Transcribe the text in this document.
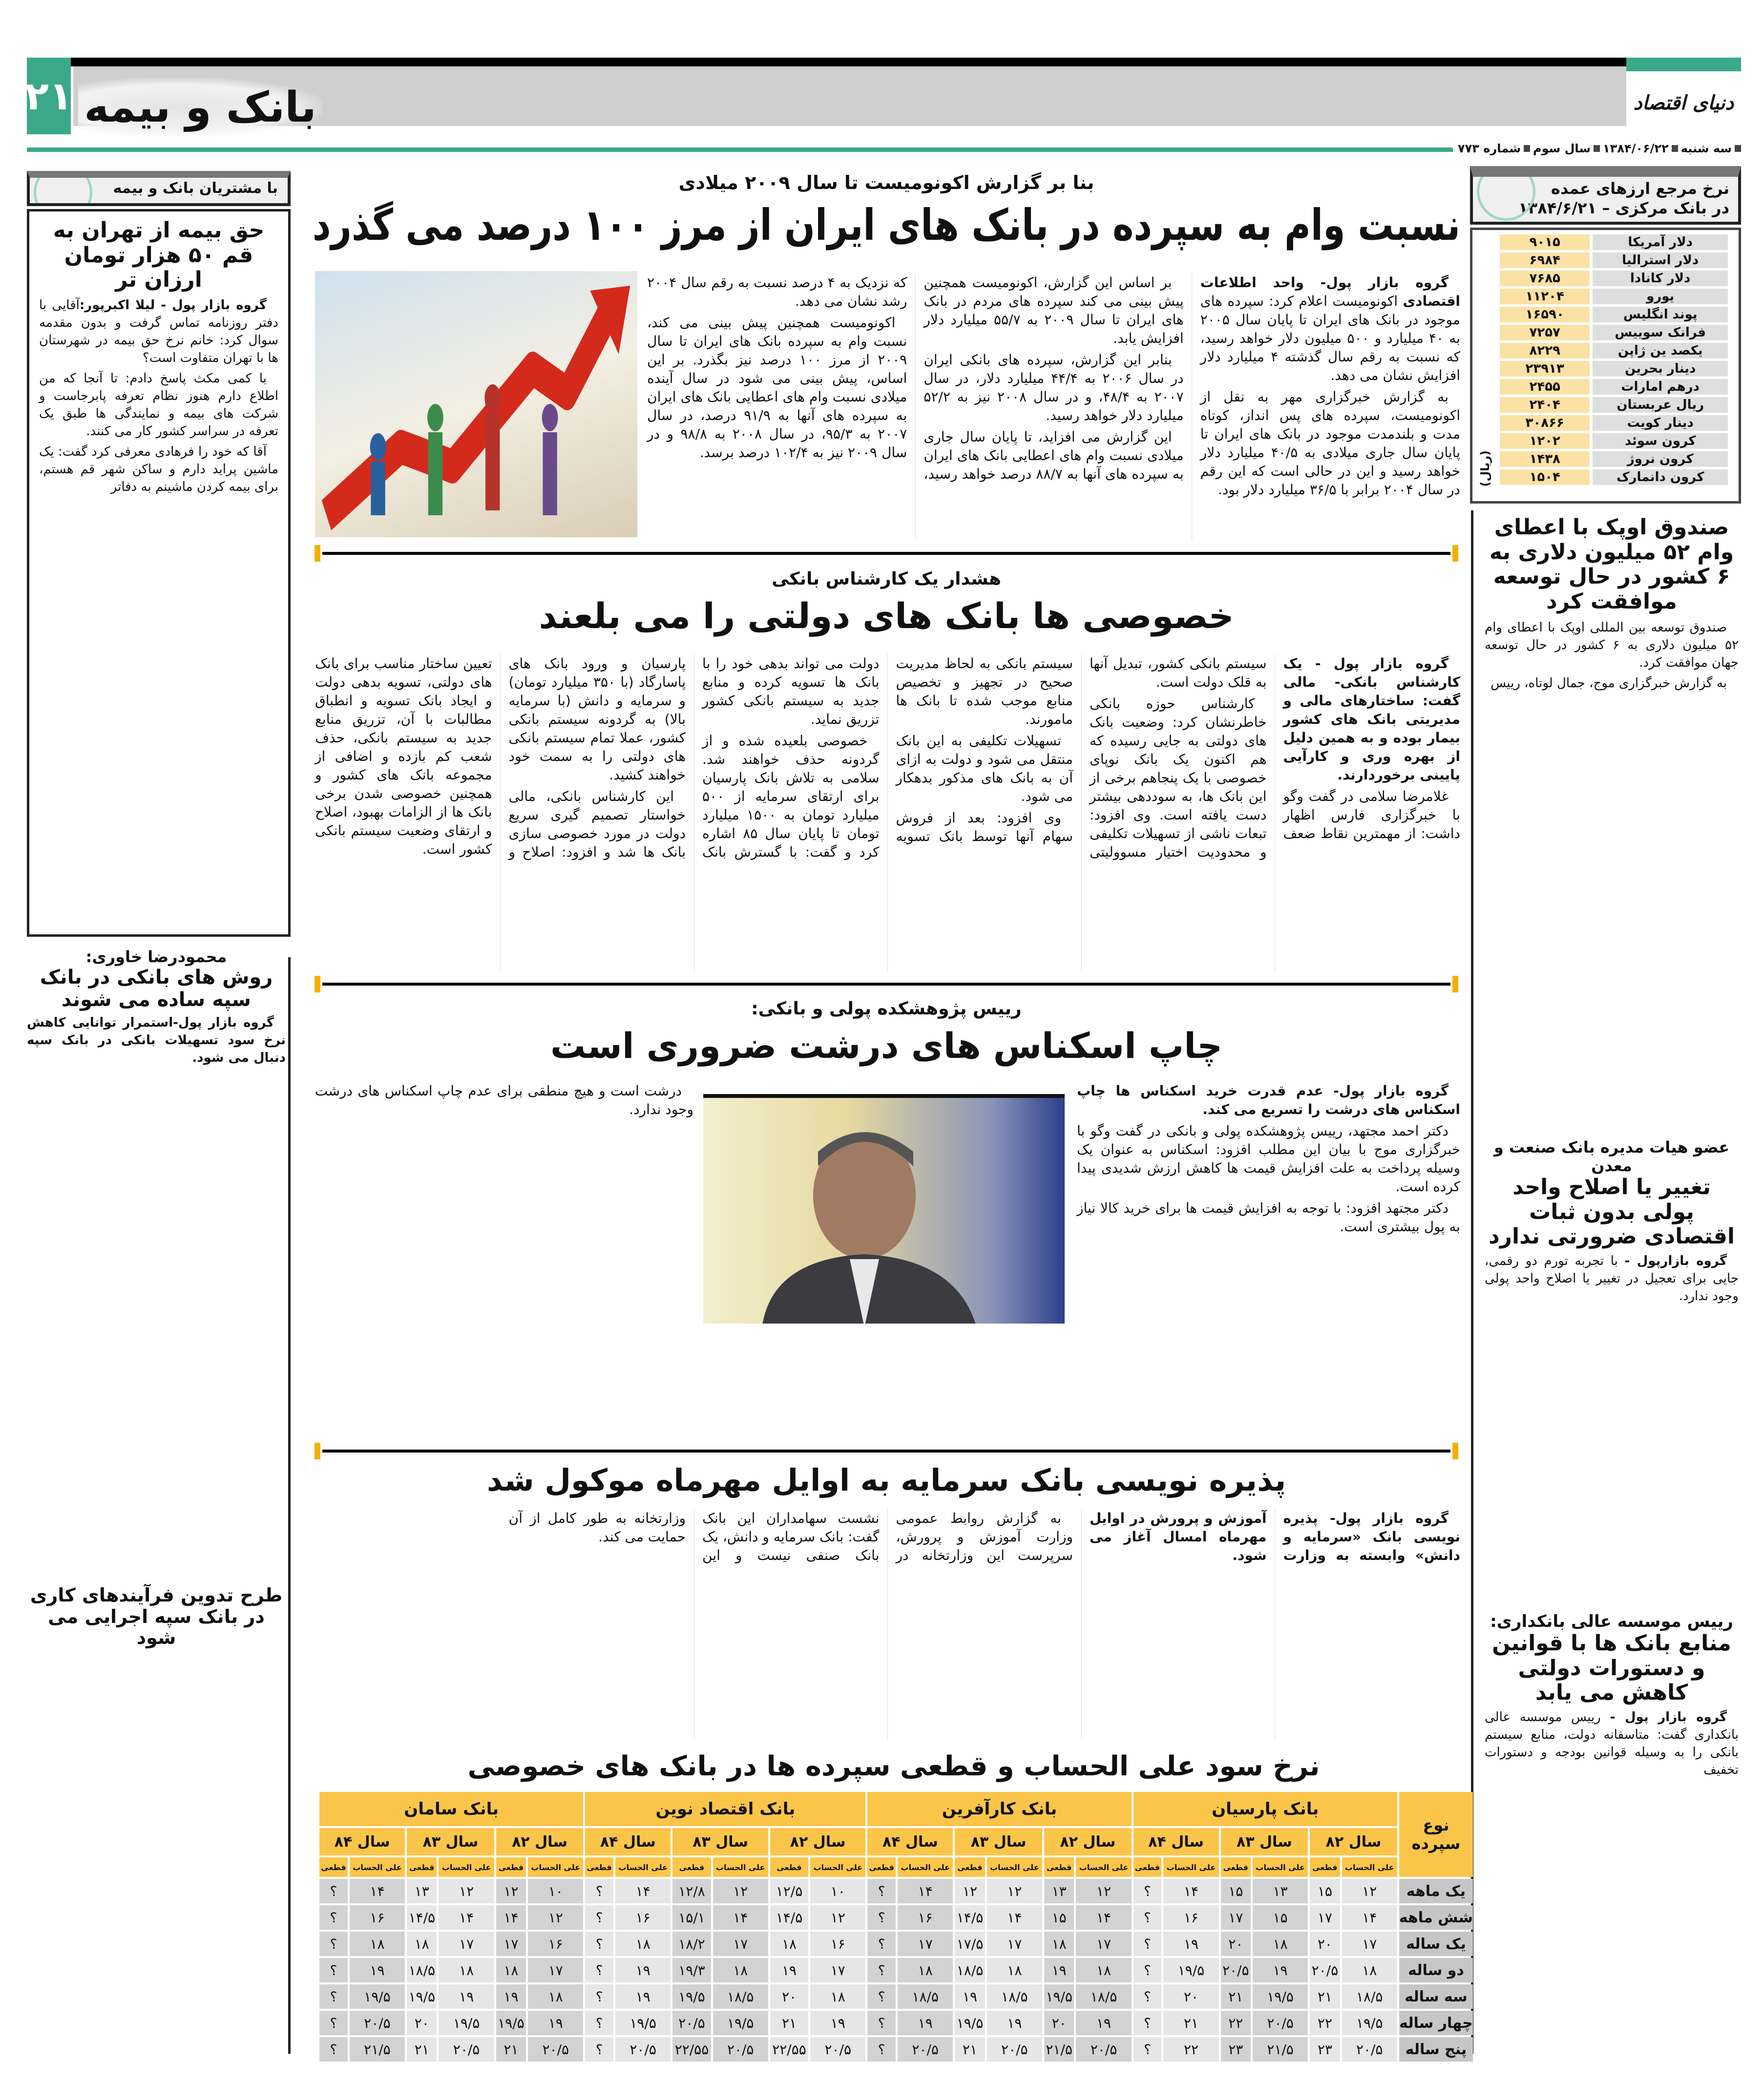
دنیای اقتصاد
بانک و بیمه
۲۱
سه شنبه
۱۳۸۴/۰۶/۲۲
سال سوم
شماره ۷۷۳
نرخ مرجع ارزهای عمده
در بانک مرکزی – ۱۳۸۴/۶/۲۱
دلار آمریکا	۹۰۱۵
دلار استرالیا	۶۹۸۴
دلار کانادا	۷۶۸۵
یورو	۱۱۲۰۴
پوند انگلیس	۱۶۵۹۰
فرانک سوییس	۷۲۵۷
یکصد ین ژاپن	۸۲۲۹
دینار بحرین	۲۳۹۱۳
درهم امارات	۲۴۵۵
ریال عربستان	۲۴۰۴
دینار کویت	۳۰۸۶۶
کرون سوئد	۱۲۰۲
کرون نروژ	۱۴۳۸
کرون دانمارک	۱۵۰۴
(ریال)
صندوق اوپک با اعطای وام ۵۲ میلیون دلاری به ۶ کشور در حال توسعه موافقت کرد

صندوق توسعه بین المللی اوپک با اعطای وام ۵۲ میلیون دلاری به ۶ کشور در حال توسعه جهان موافقت کرد.

به گزارش خبرگزاری موج، جمال لوتاه، رییس

عضو هیات مدیره بانک صنعت و معدن
تغییر یا اصلاح واحد پولی بدون ثبات اقتصادی ضرورتی ندارد

گروه بازارپول - با تجربه تورم دو رقمی، جایی برای تعجیل در تغییر یا اصلاح واحد پولی وجود ندارد.

رییس موسسه عالی بانکداری:
منابع بانک ها با قوانین و دستورات دولتی کاهش می یابد

گروه بازار پول - رییس موسسه عالی بانکداری گفت: متاسفانه دولت، منابع سیستم بانکی را به وسیله قوانین بودجه و دستورات تخفیف

با مشتریان بانک و بیمه
حق بیمه از تهران به قم ۵۰ هزار تومان ارزان تر

گروه بازار پول - لیلا اکبرپور:آقایی با دفتر روزنامه تماس گرفت و بدون مقدمه سوال کرد: خانم نرخ حق بیمه در شهرستان ها با تهران متفاوت است؟

با کمی مکث پاسخ دادم: تا آنجا که من اطلاع دارم هنوز نظام تعرفه پابرجاست و شرکت های بیمه و نمایندگی ها طبق یک تعرفه در سراسر کشور کار می کنند.

آقا که خود را فرهادی معرفی کرد گفت: یک ماشین پراید دارم و ساکن شهر قم هستم، برای بیمه کردن ماشینم به دفاتر

محمودرضا خاوری:
روش های بانکی در بانک سپه ساده می شوند

گروه بازار پول-استمرار توانایی کاهش نرخ سود تسهیلات بانکی در بانک سپه دنبال می شود.

طرح تدوین فرآیندهای کاری در بانک سپه اجرایی می شود
بنا بر گزارش اکونومیست تا سال ۲۰۰۹ میلادی
نسبت وام به سپرده در بانک های ایران از مرز ۱۰۰ درصد می گذرد

گروه بازار پول- واحد اطلاعات اقتصادی اکونومیست اعلام کرد: سپرده های موجود در بانک های ایران تا پایان سال ۲۰۰۵ به ۴۰ میلیارد و ۵۰۰ میلیون دلار خواهد رسید، که نسبت به رقم سال گذشته ۴ میلیارد دلار افزایش نشان می دهد.

به گزارش خبرگزاری مهر به نقل از اکونومیست، سپرده های پس انداز، کوتاه مدت و بلندمدت موجود در بانک های ایران تا پایان سال جاری میلادی به ۴۰/۵ میلیارد دلار خواهد رسید و این در حالی است که این رقم در سال ۲۰۰۴ برابر با ۳۶/۵ میلیارد دلار بود.

بر اساس این گزارش، اکونومیست همچنین پیش بینی می کند سپرده های مردم در بانک های ایران تا سال ۲۰۰۹ به ۵۵/۷ میلیارد دلار افزایش یابد.

بنابر این گزارش، سپرده های بانکی ایران در سال ۲۰۰۶ به ۴۴/۴ میلیارد دلار، در سال ۲۰۰۷ به ۴۸/۴، و در سال ۲۰۰۸ نیز به ۵۲/۲ میلیارد دلار خواهد رسید.

این گزارش می افزاید، تا پایان سال جاری میلادی نسبت وام های اعطایی بانک های ایران به سپرده های آنها به ۸۸/۷ درصد خواهد رسید، که نزدیک به ۴ درصد نسبت به رقم سال ۲۰۰۴ رشد نشان می دهد.

اکونومیست همچنین پیش بینی می کند، نسبت وام به سپرده بانک های ایران تا سال ۲۰۰۹ از مرز ۱۰۰ درصد نیز بگذرد. بر این اساس، پیش بینی می شود در سال آینده میلادی نسبت وام های اعطایی بانک های ایران به سپرده های آنها به ۹۱/۹ درصد، در سال ۲۰۰۷ به ۹۵/۳، در سال ۲۰۰۸ به ۹۸/۸ و در سال ۲۰۰۹ نیز به ۱۰۲/۴ درصد برسد.

هشدار یک کارشناس بانکی
خصوصی ها بانک های دولتی را می بلعند

گروه بازار پول - یک کارشناس بانکی- مالی گفت: ساختارهای مالی و مدیریتی بانک های کشور بیمار بوده و به همین دلیل از بهره وری و کارآیی پایینی برخوردارند.

غلامرضا سلامی در گفت وگو با خبرگزاری فارس اظهار داشت: از مهمترین نقاط ضعف سیستم بانکی کشور، تبدیل آنها به قلک دولت است.

کارشناس حوزه بانکی خاطرنشان کرد: وضعیت بانک های دولتی به جایی رسیده که هم اکنون یک بانک نوپای خصوصی با یک پنجاهم برخی از این بانک ها، به سوددهی بیشتر دست یافته است. وی افزود: تبعات ناشی از تسهیلات تکلیفی و محدودیت اختیار مسوولیتی سیستم بانکی به لحاظ مدیریت صحیح در تجهیز و تخصیص منابع موجب شده تا بانک ها مامورند.

تسهیلات تکلیفی به این بانک منتقل می شود و دولت به ازای آن به بانک های مذکور بدهکار می شود.

وی افزود: بعد از فروش سهام آنها توسط بانک تسویه دولت می تواند بدهی خود را با بانک ها تسویه کرده و منابع جدید به سیستم بانکی کشور تزریق نماید.

خصوصی بلعیده شده و از گردونه حذف خواهند شد. سلامی به تلاش بانک پارسیان برای ارتقای سرمایه از ۵۰۰ میلیارد تومان به ۱۵۰۰ میلیارد تومان تا پایان سال ۸۵ اشاره کرد و گفت: با گسترش بانک پارسیان و ورود بانک های پاسارگاد (با ۳۵۰ میلیارد تومان) و سرمایه و دانش (با سرمایه بالا) به گردونه سیستم بانکی کشور، عملا تمام سیستم بانکی های دولتی را به سمت خود خواهند کشید.

این کارشناس بانکی، مالی خواستار تصمیم گیری سریع دولت در مورد خصوصی سازی بانک ها شد و افزود: اصلاح و تعیین ساختار مناسب برای بانک های دولتی، تسویه بدهی دولت و ایجاد بانک تسویه و انطباق مطالبات با آن، تزریق منابع جدید به سیستم بانکی، حذف شعب کم بازده و اضافی از مجموعه بانک های کشور و همچنین خصوصی شدن برخی بانک ها از الزامات بهبود، اصلاح و ارتقای وضعیت سیستم بانکی کشور است.

رییس پژوهشکده پولی و بانکی:
چاپ اسکناس های درشت ضروری است

گروه بازار پول- عدم قدرت خرید اسکناس ها چاپ اسکناس های درشت را تسریع می کند.

دکتر احمد مجتهد، رییس پژوهشکده پولی و بانکی در گفت وگو با خبرگزاری موج با بیان این مطلب افزود: اسکناس به عنوان یک وسیله پرداخت به علت افزایش قیمت ها کاهش ارزش شدیدی پیدا کرده است.

دکتر مجتهد افزود: با توجه به افزایش قیمت ها برای خرید کالا نیاز به پول بیشتری است.

درشت است و هیچ منطقی برای عدم چاپ اسکناس های درشت وجود ندارد.

پذیره نویسی بانک سرمایه به اوایل مهرماه موکول شد

گروه بازار پول- پذیره نویسی بانک «سرمایه و دانش» وابسته به وزارت آموزش و پرورش در اوایل مهرماه امسال آغاز می شود.

به گزارش روابط عمومی وزارت آموزش و پرورش، سرپرست این وزارتخانه در نشست سهامداران این بانک گفت: بانک سرمایه و دانش، یک بانک صنفی نیست و این وزارتخانه به طور کامل از آن حمایت می کند.

نرخ سود علی الحساب و قطعی سپرده ها در بانک های خصوصی
نوع سپرده	بانک پارسیان						بانک کارآفرین						بانک اقتصاد نوین						بانک سامان					
	سال ۸۲		سال ۸۳		سال ۸۴		سال ۸۲		سال ۸۳		سال ۸۴		سال ۸۲		سال ۸۳		سال ۸۴		سال ۸۲		سال ۸۳		سال ۸۴	
	علی الحساب	قطعی	علی الحساب	قطعی	علی الحساب	قطعی	علی الحساب	قطعی	علی الحساب	قطعی	علی الحساب	قطعی	علی الحساب	قطعی	علی الحساب	قطعی	علی الحساب	قطعی	علی الحساب	قطعی	علی الحساب	قطعی	علی الحساب	قطعی
یک ماهه	۱۲	۱۵	۱۳	۱۵	۱۴	؟	۱۲	۱۳	۱۲	۱۲	۱۴	؟	۱۰	۱۲/۵	۱۲	۱۲/۸	۱۴	؟	۱۰	۱۲	۱۲	۱۳	۱۴	؟
شش ماهه	۱۴	۱۷	۱۵	۱۷	۱۶	؟	۱۴	۱۵	۱۴	۱۴/۵	۱۶	؟	۱۲	۱۴/۵	۱۴	۱۵/۱	۱۶	؟	۱۲	۱۴	۱۴	۱۴/۵	۱۶	؟
یک ساله	۱۷	۲۰	۱۸	۲۰	۱۹	؟	۱۷	۱۸	۱۷	۱۷/۵	۱۷	؟	۱۶	۱۸	۱۷	۱۸/۲	۱۸	؟	۱۶	۱۷	۱۷	۱۸	۱۸	؟
دو ساله	۱۸	۲۰/۵	۱۹	۲۰/۵	۱۹/۵	؟	۱۸	۱۹	۱۸	۱۸/۵	۱۸	؟	۱۷	۱۹	۱۸	۱۹/۳	۱۹	؟	۱۷	۱۸	۱۸	۱۸/۵	۱۹	؟
سه ساله	۱۸/۵	۲۱	۱۹/۵	۲۱	۲۰	؟	۱۸/۵	۱۹/۵	۱۸/۵	۱۹	۱۸/۵	؟	۱۸	۲۰	۱۸/۵	۱۹/۵	۱۹	؟	۱۸	۱۹	۱۹	۱۹/۵	۱۹/۵	؟
چهار ساله	۱۹/۵	۲۲	۲۰/۵	۲۲	۲۱	؟	۱۹	۲۰	۱۹	۱۹/۵	۱۹	؟	۱۹	۲۱	۱۹/۵	۲۰/۵	۱۹/۵	؟	۱۹	۱۹/۵	۱۹/۵	۲۰	۲۰/۵	؟
پنج ساله	۲۰/۵	۲۳	۲۱/۵	۲۳	۲۲	؟	۲۰/۵	۲۱/۵	۲۰/۵	۲۱	۲۰/۵	؟	۲۰/۵	۲۲/۵۵	۲۰/۵	۲۲/۵۵	۲۰/۵	؟	۲۰/۵	۲۱	۲۰/۵	۲۱	۲۱/۵	؟
